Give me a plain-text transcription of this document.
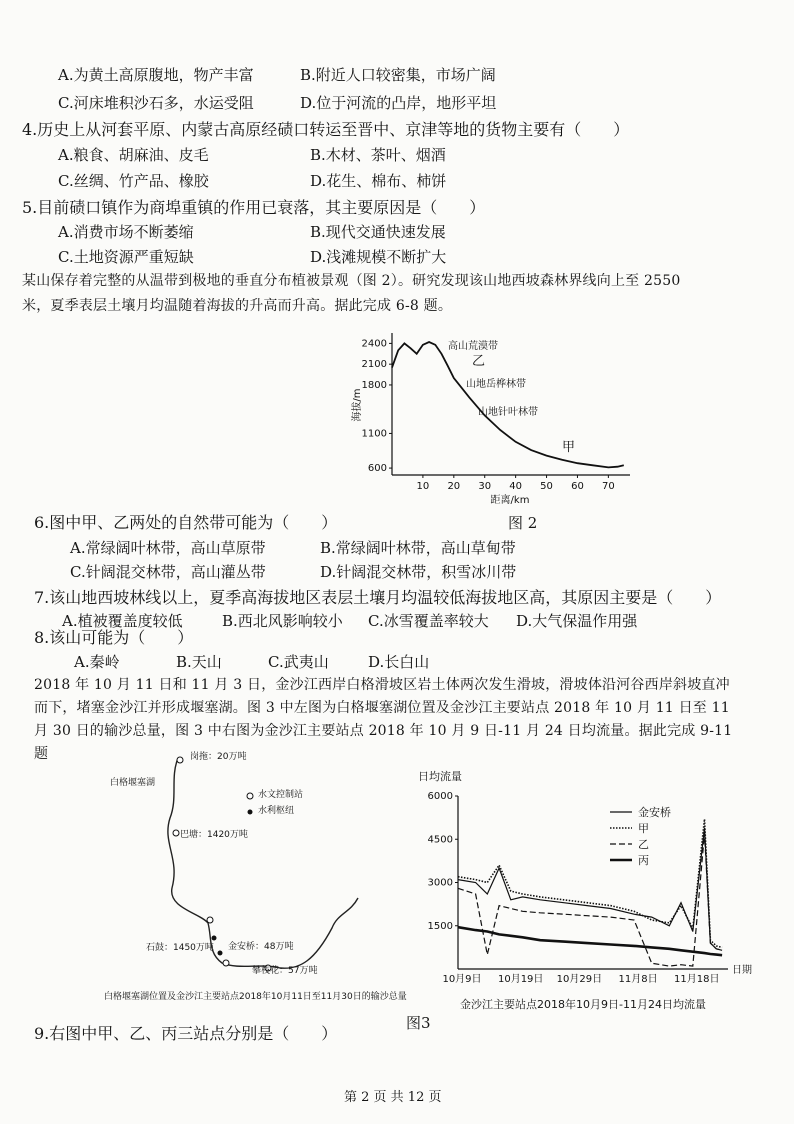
A.为黄土高原腹地，物产丰富	B.附近人口较密集，市场广阔
C.河床堆积沙石多，水运受阻	D.位于河流的凸岸，地形平坦
4.历史上从河套平原、内蒙古高原经碛口转运至晋中、京津等地的货物主要有（　　）
A.粮食、胡麻油、皮毛	B.木材、茶叶、烟酒
C.丝绸、竹产品、橡胶	D.花生、棉布、柿饼
5.目前碛口镇作为商埠重镇的作用已衰落，其主要原因是（　　）
A.消费市场不断萎缩	B.现代交通快速发展
C.土地资源严重短缺	D.浅滩规模不断扩大
某山保存着完整的从温带到极地的垂直分布植被景观（图 2）。研究发现该山地西坡森林界线向上至 2550
米，夏季表层土壤月均温随着海拔的升高而升高。据此完成 6-8 题。
600
1100
1800
2100
2400
10 20 30 40 50 60 70
海拔/m
距离/km
高山荒漠带
乙
山地岳桦林带
山地针叶林带
甲
图 2
6.图中甲、乙两处的自然带可能为（　　）
A.常绿阔叶林带，高山草原带	B.常绿阔叶林带，高山草甸带
C.针阔混交林带，高山灌丛带	D.针阔混交林带，积雪冰川带
7.该山地西坡林线以上，夏季高海拔地区表层土壤月均温较低海拔地区高，其原因主要是（　　）
A.植被覆盖度较低	B.西北风影响较小 C.冰雪覆盖率较大 D.大气保温作用强
8.该山可能为（　　）
A.秦岭	B.天山	C.武夷山	D.长白山
2018 年 10 月 11 日和 11 月 3 日，金沙江西岸白格滑坡区岩土体两次发生滑坡，滑坡体沿河谷西岸斜坡直冲
而下，堵塞金沙江并形成堰塞湖。图 3 中左图为白格堰塞湖位置及金沙江主要站点 2018 年 10 月 11 日至 11
月 30 日的输沙总量，图 3 中右图为金沙江主要站点 2018 年 10 月 9 日-11 月 24 日均流量。据此完成 9-11
题	岗拖：20万吨
白格堰塞湖
水文控制站
水利枢纽
巴塘：1420万吨
石鼓：1450万吨 金安桥：48万吨
攀枝花：57万吨
白格堰塞湖位置及金沙江主要站点2018年10月11日至11月30日的输沙总量
日均流量
1500
3000
4500
6000
10月9日 10月19日 10月29日 11月8日 11月18日
日期
金安桥
甲
乙
丙
金沙江主要站点2018年10月9日-11月24日均流量
图3
9.右图中甲、乙、丙三站点分别是（　　）
第 2 页 共 12 页
